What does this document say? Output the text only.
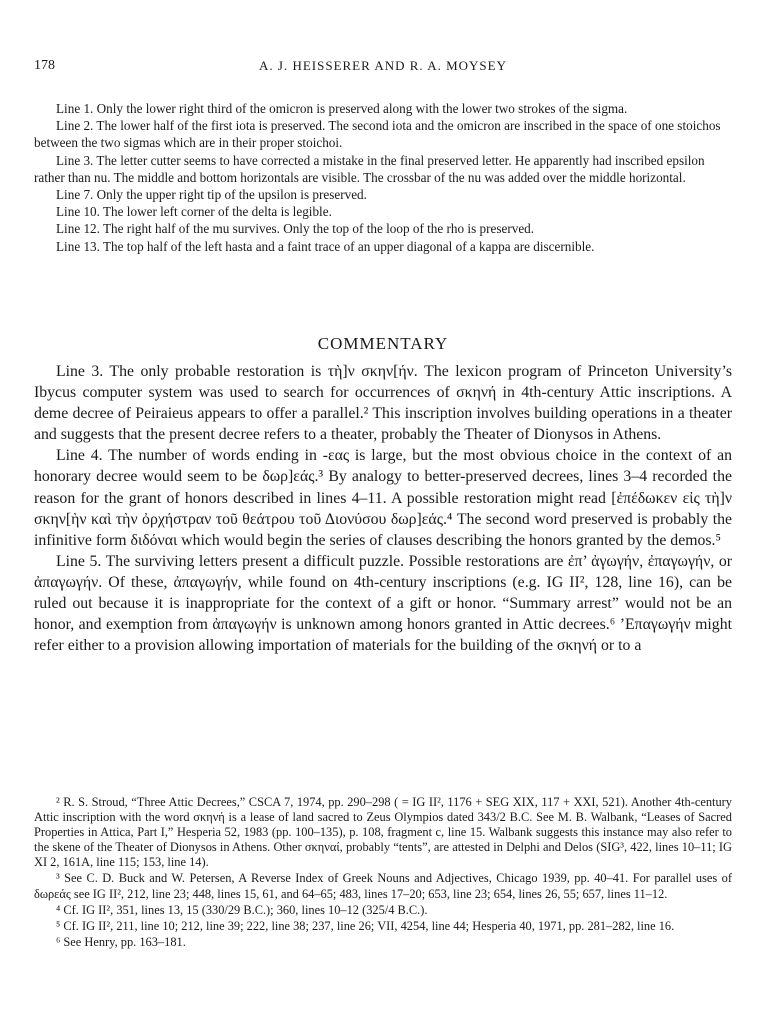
178	A. J. HEISSERER AND R. A. MOYSEY

Line 1. Only the lower right third of the omicron is preserved along with the lower two strokes of the sigma.

Line 2. The lower half of the first iota is preserved. The second iota and the omicron are inscribed in the space of one stoichos between the two sigmas which are in their proper stoichoi.

Line 3. The letter cutter seems to have corrected a mistake in the final preserved letter. He apparently had inscribed epsilon rather than nu. The middle and bottom horizontals are visible. The crossbar of the nu was added over the middle horizontal.

Line 7. Only the upper right tip of the upsilon is preserved.

Line 10. The lower left corner of the delta is legible.

Line 12. The right half of the mu survives. Only the top of the loop of the rho is preserved.

Line 13. The top half of the left hasta and a faint trace of an upper diagonal of a kappa are discernible.

COMMENTARY

Line 3. The only probable restoration is τὴ]ν σκην[ήν. The lexicon program of Princeton University’s Ibycus computer system was used to search for occurrences of σκηνή in 4th-century Attic inscriptions. A deme decree of Peiraieus appears to offer a parallel.² This inscription involves building operations in a theater and suggests that the present decree refers to a theater, probably the Theater of Dionysos in Athens.

Line 4. The number of words ending in -εας is large, but the most obvious choice in the context of an honorary decree would seem to be δωρ]εάς.³ By analogy to better-preserved decrees, lines 3–4 recorded the reason for the grant of honors described in lines 4–11. A possible restoration might read [ἐπέδωκεν εἰς τὴ]ν σκην[ὴν καὶ τὴν ὀρχήστραν τοῦ θεάτρου τοῦ Διονύσου δωρ]εάς.⁴ The second word preserved is probably the infinitive form διδόναι which would begin the series of clauses describing the honors granted by the demos.⁵

Line 5. The surviving letters present a difficult puzzle. Possible restorations are ἐπ’ ἀγωγήν, ἐπαγωγήν, or ἀπαγωγήν. Of these, ἀπαγωγήν, while found on 4th-century inscriptions (e.g. IG II², 128, line 16), can be ruled out because it is inappropriate for the context of a gift or honor. “Summary arrest” would not be an honor, and exemption from ἀπαγωγήν is unknown among honors granted in Attic decrees.⁶ ’Επαγωγήν might refer either to a provision allowing importation of materials for the building of the σκηνή or to a

² R. S. Stroud, “Three Attic Decrees,” CSCA 7, 1974, pp. 290–298 ( = IG II², 1176 + SEG XIX, 117 + XXI, 521). Another 4th-century Attic inscription with the word σκηνή is a lease of land sacred to Zeus Olympios dated 343/2 B.C. See M. B. Walbank, “Leases of Sacred Properties in Attica, Part I,” Hesperia 52, 1983 (pp. 100–135), p. 108, fragment c, line 15. Walbank suggests this instance may also refer to the skene of the Theater of Dionysos in Athens. Other σκηναί, probably “tents”, are attested in Delphi and Delos (SIG³, 422, lines 10–11; IG XI 2, 161A, line 115; 153, line 14).

³ See C. D. Buck and W. Petersen, A Reverse Index of Greek Nouns and Adjectives, Chicago 1939, pp. 40–41. For parallel uses of δωρεάς see IG II², 212, line 23; 448, lines 15, 61, and 64–65; 483, lines 17–20; 653, line 23; 654, lines 26, 55; 657, lines 11–12.

⁴ Cf. IG II², 351, lines 13, 15 (330/29 B.C.); 360, lines 10–12 (325/4 B.C.).

⁵ Cf. IG II², 211, line 10; 212, line 39; 222, line 38; 237, line 26; VII, 4254, line 44; Hesperia 40, 1971, pp. 281–282, line 16.

⁶ See Henry, pp. 163–181.
